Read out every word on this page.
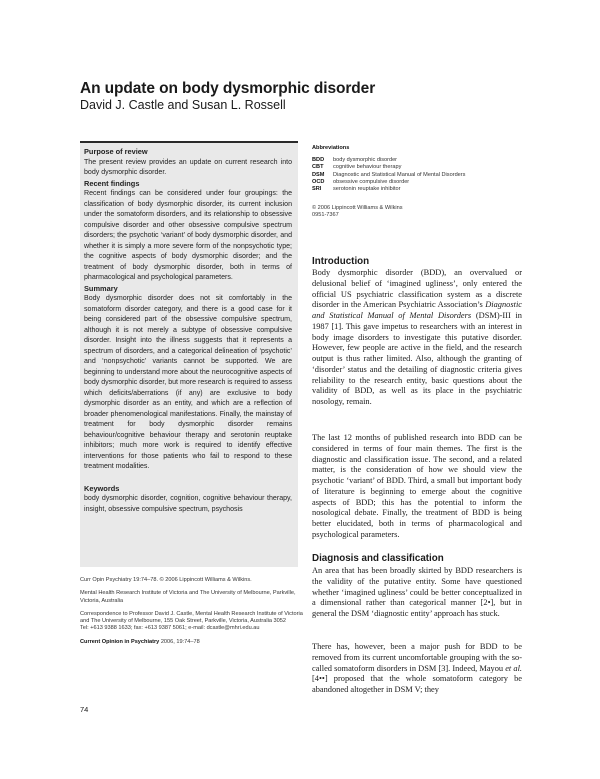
An update on body dysmorphic disorder
David J. Castle and Susan L. Rossell
Purpose of review

The present review provides an update on current research into body dysmorphic disorder.

Recent findings

Recent findings can be considered under four groupings: the classification of body dysmorphic disorder, its current inclusion under the somatoform disorders, and its relationship to obsessive compulsive disorder and other obsessive compulsive spectrum disorders; the psychotic ‘variant’ of body dysmorphic disorder, and whether it is simply a more severe form of the nonpsychotic type; the cognitive aspects of body dysmorphic disorder; and the treatment of body dysmorphic disorder, both in terms of pharmacological and psychological parameters.

Summary

Body dysmorphic disorder does not sit comfortably in the somatoform disorder category, and there is a good case for it being considered part of the obsessive compulsive spectrum, although it is not merely a subtype of obsessive compulsive disorder. Insight into the illness suggests that it represents a spectrum of disorders, and a categorical delineation of ‘psychotic’ and ‘nonpsychotic’ variants cannot be supported. We are beginning to understand more about the neurocognitive aspects of body dysmorphic disorder, but more research is required to assess which deficits/aberrations (if any) are exclusive to body dysmorphic disorder as an entity, and which are a reflection of broader phenomenological manifestations. Finally, the mainstay of treatment for body dysmorphic disorder remains behaviour/cognitive behaviour therapy and serotonin reuptake inhibitors; much more work is required to identify effective interventions for those patients who fail to respond to these treatment modalities.

Keywords

body dysmorphic disorder, cognition, cognitive behaviour therapy, insight, obsessive compulsive spectrum, psychosis

Curr Opin Psychiatry 19:74–78. © 2006 Lippincott Williams & Wilkins.

Mental Health Research Institute of Victoria and The University of Melbourne, Parkville, Victoria, Australia

Correspondence to Professor David J. Castle, Mental Health Research Institute of Victoria and The University of Melbourne, 155 Oak Street, Parkville, Victoria, Australia 3052

Tel: +613 9388 1633; fax: +613 9387 5061; e-mail: dcastle@mhri.edu.au

Current Opinion in Psychiatry 2006, 19:74–78

74
Abbreviations
BDD	body dysmorphic disorder
CBT	cognitive behaviour therapy
DSM	Diagnostic and Statistical Manual of Mental Disorders
OCD	obsessive compulsive disorder
SRI	serotonin reuptake inhibitor
© 2006 Lippincott Williams & Wilkins
0951-7367
Introduction

Body dysmorphic disorder (BDD), an overvalued or delusional belief of ‘imagined ugliness’, only entered the official US psychiatric classification system as a discrete disorder in the American Psychiatric Association’s Diagnostic and Statistical Manual of Mental Disorders (DSM)-III in 1987 [1]. This gave impetus to researchers with an interest in body image disorders to investigate this putative disorder. However, few people are active in the field, and the research output is thus rather limited. Also, although the granting of ‘disorder’ status and the detailing of diagnostic criteria gives reliability to the research entity, basic questions about the validity of BDD, as well as its place in the psychiatric nosology, remain.

The last 12 months of published research into BDD can be considered in terms of four main themes. The first is the diagnostic and classification issue. The second, and a related matter, is the consideration of how we should view the psychotic ‘variant’ of BDD. Third, a small but important body of literature is beginning to emerge about the cognitive aspects of BDD; this has the potential to inform the nosological debate. Finally, the treatment of BDD is being better elucidated, both in terms of pharmacological and psychological parameters.

Diagnosis and classification

An area that has been broadly skirted by BDD researchers is the validity of the putative entity. Some have questioned whether ‘imagined ugliness’ could be better conceptualized in a dimensional rather than categorical manner [2•], but in general the DSM ‘diagnostic entity’ approach has stuck.

There has, however, been a major push for BDD to be removed from its current uncomfortable grouping with the so-called somatoform disorders in DSM [3]. Indeed, Mayou et al. [4••] proposed that the whole somatoform category be abandoned altogether in DSM V; they
